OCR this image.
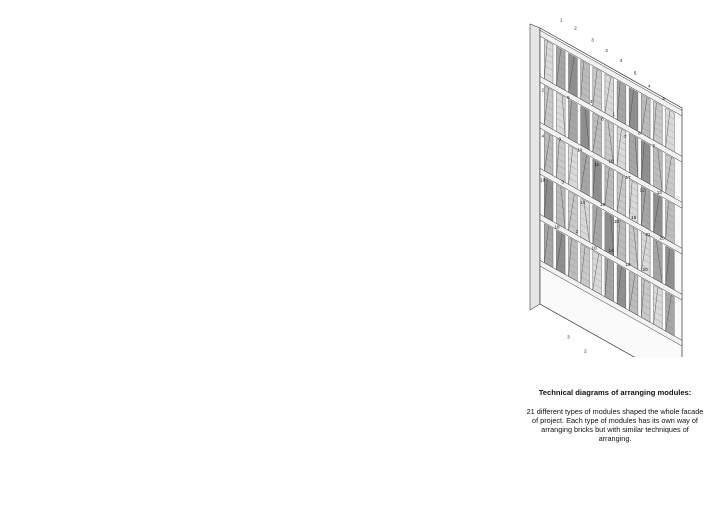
1
2
3
2
4
5
4
4
2
5
3
6
1
7
8
2
4
9
10
11
16
17
12
13
18	3
14	19
20
15
21
20
18
2
10
14
19
20
3
2
Technical diagrams of arranging modules:
21 different types of modules shaped the whole facade of project. Each type of modules has its own way of arranging bricks but with similar techniques of arranging.
